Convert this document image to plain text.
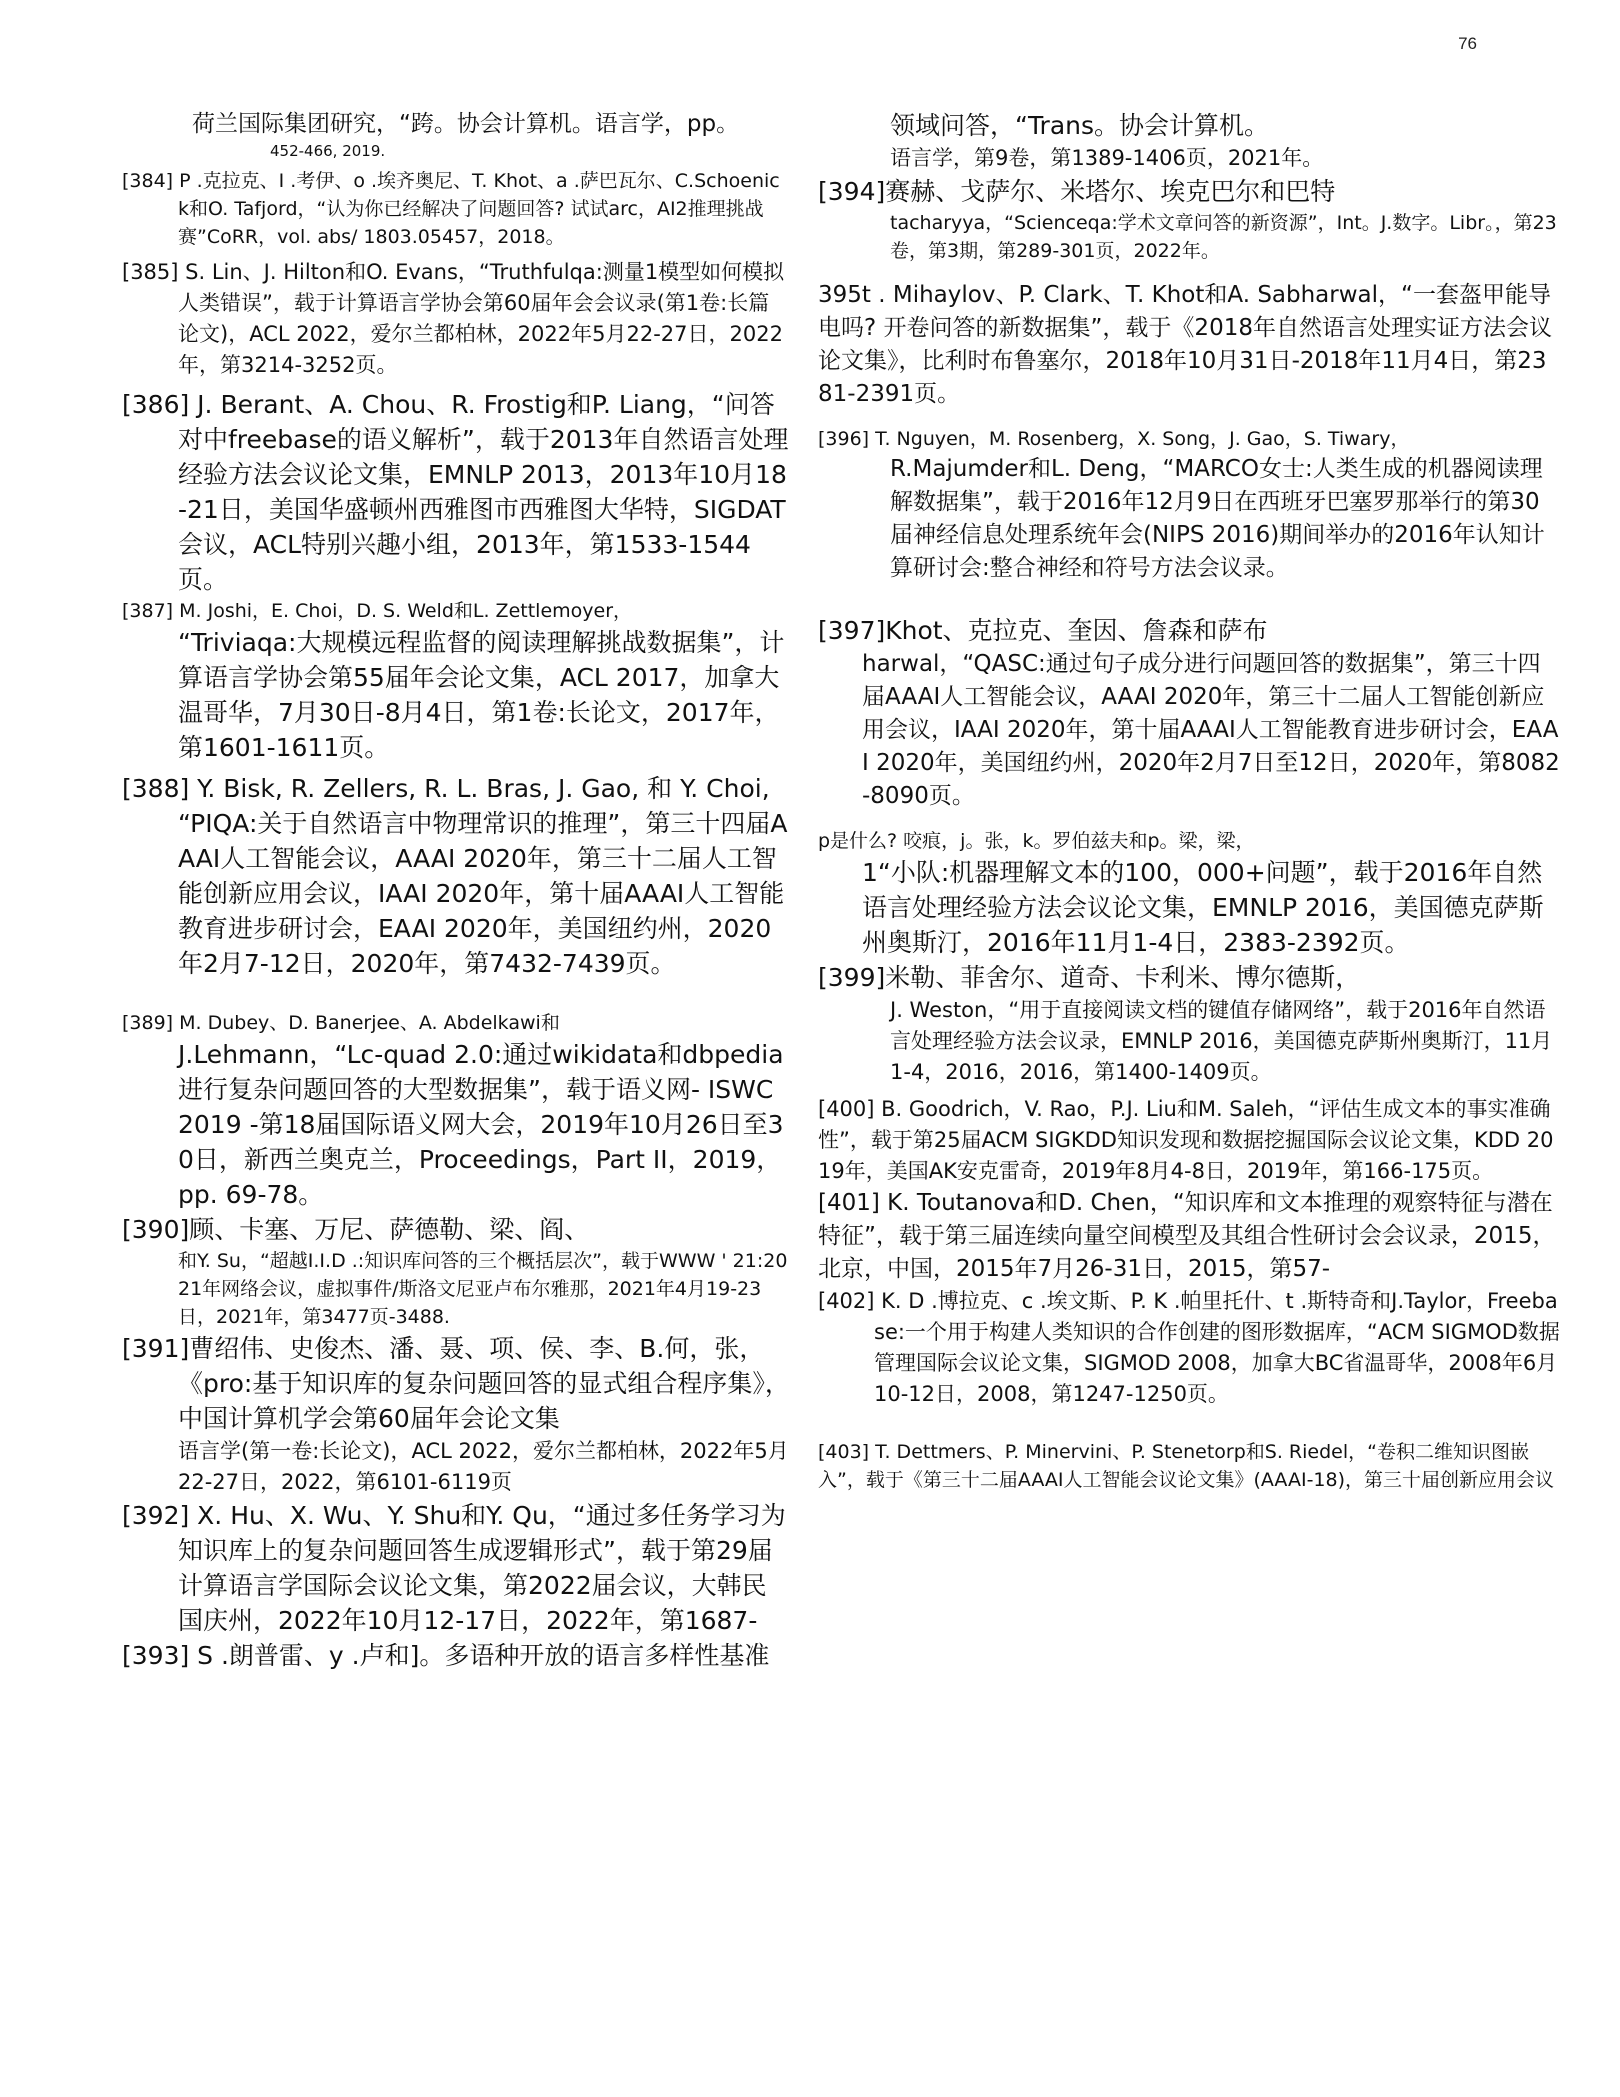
76

荷兰国际集团研究，“跨。协会计算机。语言学，pp。

452-466, 2019.

[384] P .克拉克、I .考伊、o .埃齐奥尼、T. Khot、a .萨巴瓦尔、C.Schoenick和O. Tafjord，“认为你已经解决了问题回答? 试试arc，AI2推理挑战赛”CoRR，vol. abs/ 1803.05457，2018。

[385] S. Lin、J. Hilton和O. Evans，“Truthfulqa:测量1模型如何模拟人类错误”，载于计算语言学协会第60届年会会议录(第1卷:长篇论文)，ACL 2022，爱尔兰都柏林，2022年5月22-27日，2022年，第3214-3252页。

[386] J. Berant、A. Chou、R. Frostig和P. Liang，“问答对中freebase的语义解析”，载于2013年自然语言处理经验方法会议论文集，EMNLP 2013，2013年10月18-21日，美国华盛顿州西雅图市西雅图大华特，SIGDAT会议，ACL特别兴趣小组，2013年，第1533-1544页。

[387] M. Joshi，E. Choi，D. S. Weld和L. Zettlemoyer，

“Triviaqa:大规模远程监督的阅读理解挑战数据集”，计算语言学协会第55届年会论文集，ACL 2017，加拿大温哥华，7月30日-8月4日，第1卷:长论文，2017年，第1601-1611页。

[388] Y. Bisk, R. Zellers, R. L. Bras, J. Gao, 和 Y. Choi, “PIQA:关于自然语言中物理常识的推理”，第三十四届AAAI人工智能会议，AAAI 2020年，第三十二届人工智能创新应用会议，IAAI 2020年，第十届AAAI人工智能教育进步研讨会，EAAI 2020年，美国纽约州，2020年2月7-12日，2020年，第7432-7439页。

[389] M. Dubey、D. Banerjee、A. Abdelkawi和

J.Lehmann，“Lc-quad 2.0:通过wikidata和dbpedia进行复杂问题回答的大型数据集”，载于语义网- ISWC 2019 -第18届国际语义网大会，2019年10月26日至30日，新西兰奥克兰，Proceedings，Part II，2019，pp. 69-78。

[390]顾、卡塞、万尼、萨德勒、梁、阎、

和Y. Su，“超越I.I.D .:知识库问答的三个概括层次”，载于WWW ' 21:2021年网络会议，虚拟事件/斯洛文尼亚卢布尔雅那，2021年4月19-23日，2021年，第3477页-3488.

[391]曹绍伟、史俊杰、潘、聂、项、侯、李、B.何，张，《pro:基于知识库的复杂问题回答的显式组合程序集》，中国计算机学会第60届年会论文集

语言学(第一卷:长论文)，ACL 2022，爱尔兰都柏林，2022年5月22-27日，2022，第6101-6119页

[392] X. Hu、X. Wu、Y. Shu和Y. Qu，“通过多任务学习为知识库上的复杂问题回答生成逻辑形式”，载于第29届计算语言学国际会议论文集，第2022届会议，大韩民国庆州，2022年10月12-17日，2022年，第1687-

[393] S .朗普雷、y .卢和]。多语种开放的语言多样性基准

领域问答，“Trans。协会计算机。

语言学，第9卷，第1389-1406页，2021年。

[394]赛赫、戈萨尔、米塔尔、埃克巴尔和巴特

tacharyya，“Scienceqa:学术文章问答的新资源”，Int。J.数字。Libr。，第23卷，第3期，第289-301页，2022年。

395t . Mihaylov、P. Clark、T. Khot和A. Sabharwal，“一套盔甲能导电吗? 开卷问答的新数据集”，载于《2018年自然语言处理实证方法会议论文集》，比利时布鲁塞尔，2018年10月31日-2018年11月4日，第2381-2391页。

[396] T. Nguyen，M. Rosenberg，X. Song，J. Gao，S. Tiwary，

R.Majumder和L. Deng，“MARCO女士:人类生成的机器阅读理解数据集”，载于2016年12月9日在西班牙巴塞罗那举行的第30届神经信息处理系统年会(NIPS 2016)期间举办的2016年认知计算研讨会:整合神经和符号方法会议录。

[397]Khot、克拉克、奎因、詹森和萨布

harwal，“QASC:通过句子成分进行问题回答的数据集”，第三十四届AAAI人工智能会议，AAAI 2020年，第三十二届人工智能创新应用会议，IAAI 2020年，第十届AAAI人工智能教育进步研讨会，EAAI 2020年，美国纽约州，2020年2月7日至12日，2020年，第8082-8090页。

p是什么? 咬痕，j。张，k。罗伯兹夫和p。梁，梁，

1“小队:机器理解文本的100，000+问题”，载于2016年自然语言处理经验方法会议论文集，EMNLP 2016，美国德克萨斯州奥斯汀，2016年11月1-4日，2383-2392页。

[399]米勒、菲舍尔、道奇、卡利米、博尔德斯，

J. Weston，“用于直接阅读文档的键值存储网络”，载于2016年自然语言处理经验方法会议录，EMNLP 2016，美国德克萨斯州奥斯汀，11月1-4，2016，2016，第1400-1409页。

[400] B. Goodrich，V. Rao，P.J. Liu和M. Saleh，“评估生成文本的事实准确性”，载于第25届ACM SIGKDD知识发现和数据挖掘国际会议论文集，KDD 2019年，美国AK安克雷奇，2019年8月4-8日，2019年，第166-175页。

[401] K. Toutanova和D. Chen，“知识库和文本推理的观察特征与潜在特征”，载于第三届连续向量空间模型及其组合性研讨会会议录，2015，北京，中国，2015年7月26-31日，2015，第57-

[402] K. D .博拉克、c .埃文斯、P. K .帕里托什、t .斯特奇和J.Taylor，Freebase:一个用于构建人类知识的合作创建的图形数据库，“ACM SIGMOD数据管理国际会议论文集，SIGMOD 2008，加拿大BC省温哥华，2008年6月10-12日，2008，第1247-1250页。

[403] T. Dettmers、P. Minervini、P. Stenetorp和S. Riedel，“卷积二维知识图嵌入”，载于《第三十二届AAAI人工智能会议论文集》(AAAI-18)，第三十届创新应用会议
